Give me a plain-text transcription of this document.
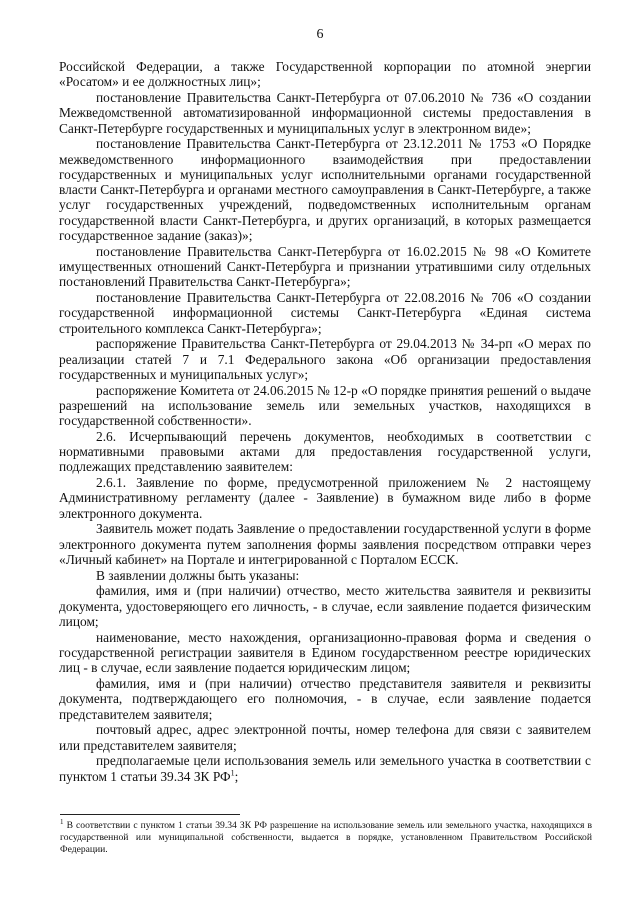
6

Российской Федерации, а также Государственной корпорации по атомной энергии «Росатом» и ее должностных лиц»;

постановление Правительства Санкт-Петербурга от 07.06.2010 № 736 «О создании Межведомственной автоматизированной информационной системы предоставления в Санкт-Петербурге государственных и муниципальных услуг в электронном виде»;

постановление Правительства Санкт-Петербурга от 23.12.2011 № 1753 «О Порядке межведомственного информационного взаимодействия при предоставлении государственных и муниципальных услуг исполнительными органами государственной власти Санкт-Петербурга и органами местного самоуправления в Санкт-Петербурге, а также услуг государственных учреждений, подведомственных исполнительным органам государственной власти Санкт-Петербурга, и других организаций, в которых размещается государственное задание (заказ)»;

постановление Правительства Санкт-Петербурга от 16.02.2015 № 98 «О Комитете имущественных отношений Санкт-Петербурга и признании утратившими силу отдельных постановлений Правительства Санкт-Петербурга»;

постановление Правительства Санкт-Петербурга от 22.08.2016 № 706 «О создании государственной информационной системы Санкт-Петербурга «Единая система строительного комплекса Санкт-Петербурга»;

распоряжение Правительства Санкт-Петербурга от 29.04.2013 № 34-рп «О мерах по реализации статей 7 и 7.1 Федерального закона «Об организации предоставления государственных и муниципальных услуг»;

распоряжение Комитета от 24.06.2015 № 12-р «О порядке принятия решений о выдаче разрешений на использование земель или земельных участков, находящихся в государственной собственности».

2.6. Исчерпывающий перечень документов, необходимых в соответствии с нормативными правовыми актами для предоставления государственной услуги, подлежащих представлению заявителем:

2.6.1. Заявление по форме, предусмотренной приложением № 2 настоящему Административному регламенту (далее - Заявление) в бумажном виде либо в форме электронного документа.

Заявитель может подать Заявление о предоставлении государственной услуги в форме электронного документа путем заполнения формы заявления посредством отправки через «Личный кабинет» на Портале и интегрированной с Порталом ЕССК.

В заявлении должны быть указаны:

фамилия, имя и (при наличии) отчество, место жительства заявителя и реквизиты документа, удостоверяющего его личность, - в случае, если заявление подается физическим лицом;

наименование, место нахождения, организационно-правовая форма и сведения о государственной регистрации заявителя в Едином государственном реестре юридических лиц - в случае, если заявление подается юридическим лицом;

фамилия, имя и (при наличии) отчество представителя заявителя и реквизиты документа, подтверждающего его полномочия, - в случае, если заявление подается представителем заявителя;

почтовый адрес, адрес электронной почты, номер телефона для связи с заявителем или представителем заявителя;

предполагаемые цели использования земель или земельного участка в соответствии с пунктом 1 статьи 39.34 ЗК $РФ^1$;

$^1$ В соответствии с пунктом 1 статьи 39.34 ЗК РФ разрешение на использование земель или земельного участка, находящихся в государственной или муниципальной собственности, выдается в порядке, установленном Правительством Российской Федерации.
